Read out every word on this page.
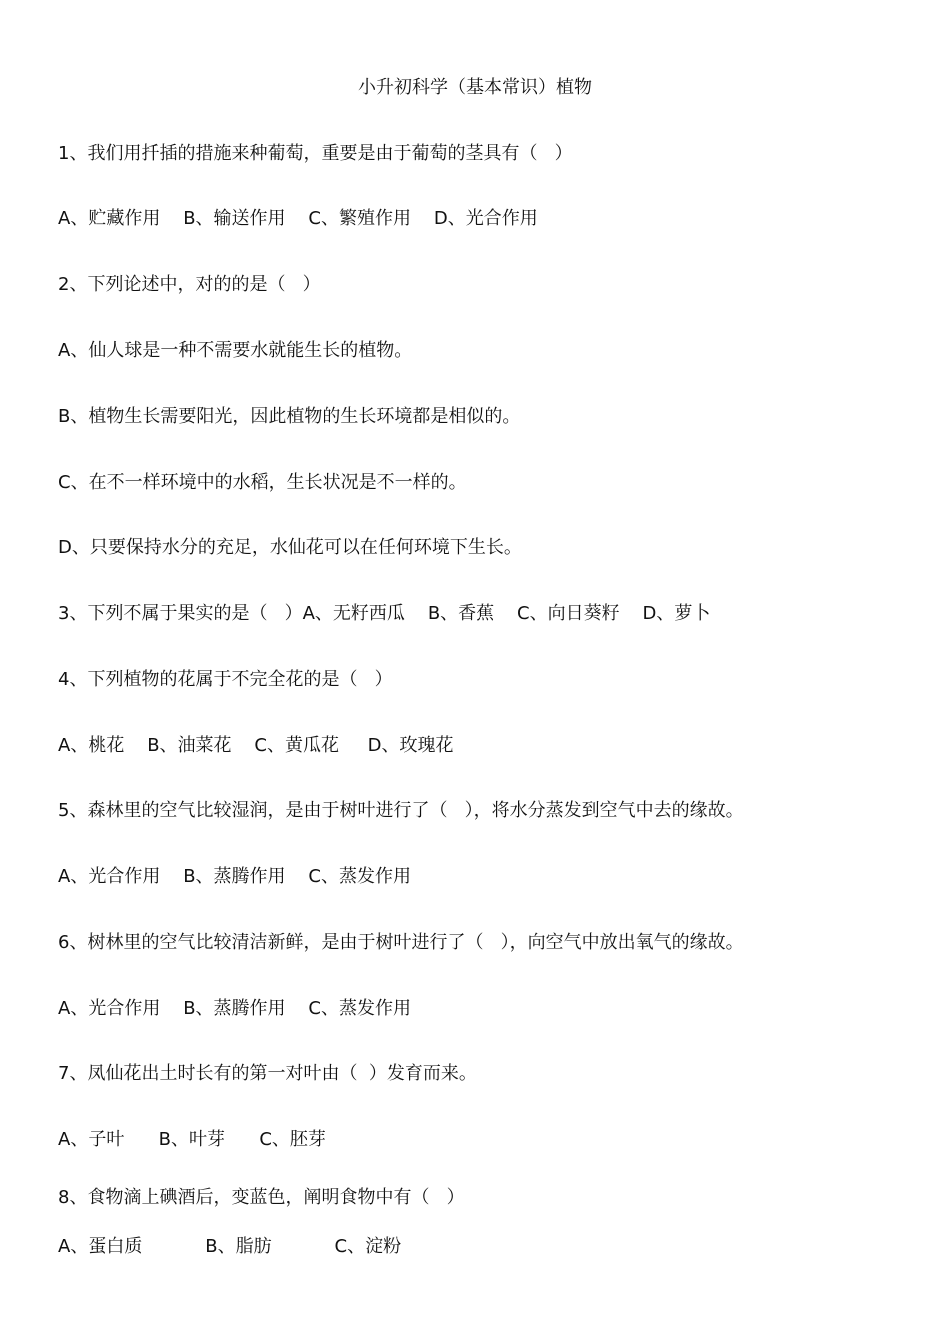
小升初科学（基本常识）植物
1、我们用扦插的措施来种葡萄，重要是由于葡萄的茎具有（   ）
A、贮藏作用    B、输送作用    C、繁殖作用    D、光合作用
2、下列论述中，对的的是（   ）
A、仙人球是一种不需要水就能生长的植物。
B、植物生长需要阳光，因此植物的生长环境都是相似的。
C、在不一样环境中的水稻，生长状况是不一样的。
D、只要保持水分的充足，水仙花可以在任何环境下生长。
3、下列不属于果实的是（   ）A、无籽西瓜    B、香蕉    C、向日葵籽    D、萝卜
4、下列植物的花属于不完全花的是（   ）
A、桃花    B、油菜花    C、黄瓜花     D、玫瑰花
5、森林里的空气比较湿润，是由于树叶进行了（   ），将水分蒸发到空气中去的缘故。
A、光合作用    B、蒸腾作用    C、蒸发作用
6、树林里的空气比较清洁新鲜，是由于树叶进行了（   ），向空气中放出氧气的缘故。
A、光合作用    B、蒸腾作用    C、蒸发作用
7、凤仙花出土时长有的第一对叶由（  ）发育而来。
A、子叶      B、叶芽      C、胚芽
8、食物滴上碘酒后，变蓝色，阐明食物中有（   ）
A、蛋白质           B、脂肪           C、淀粉
